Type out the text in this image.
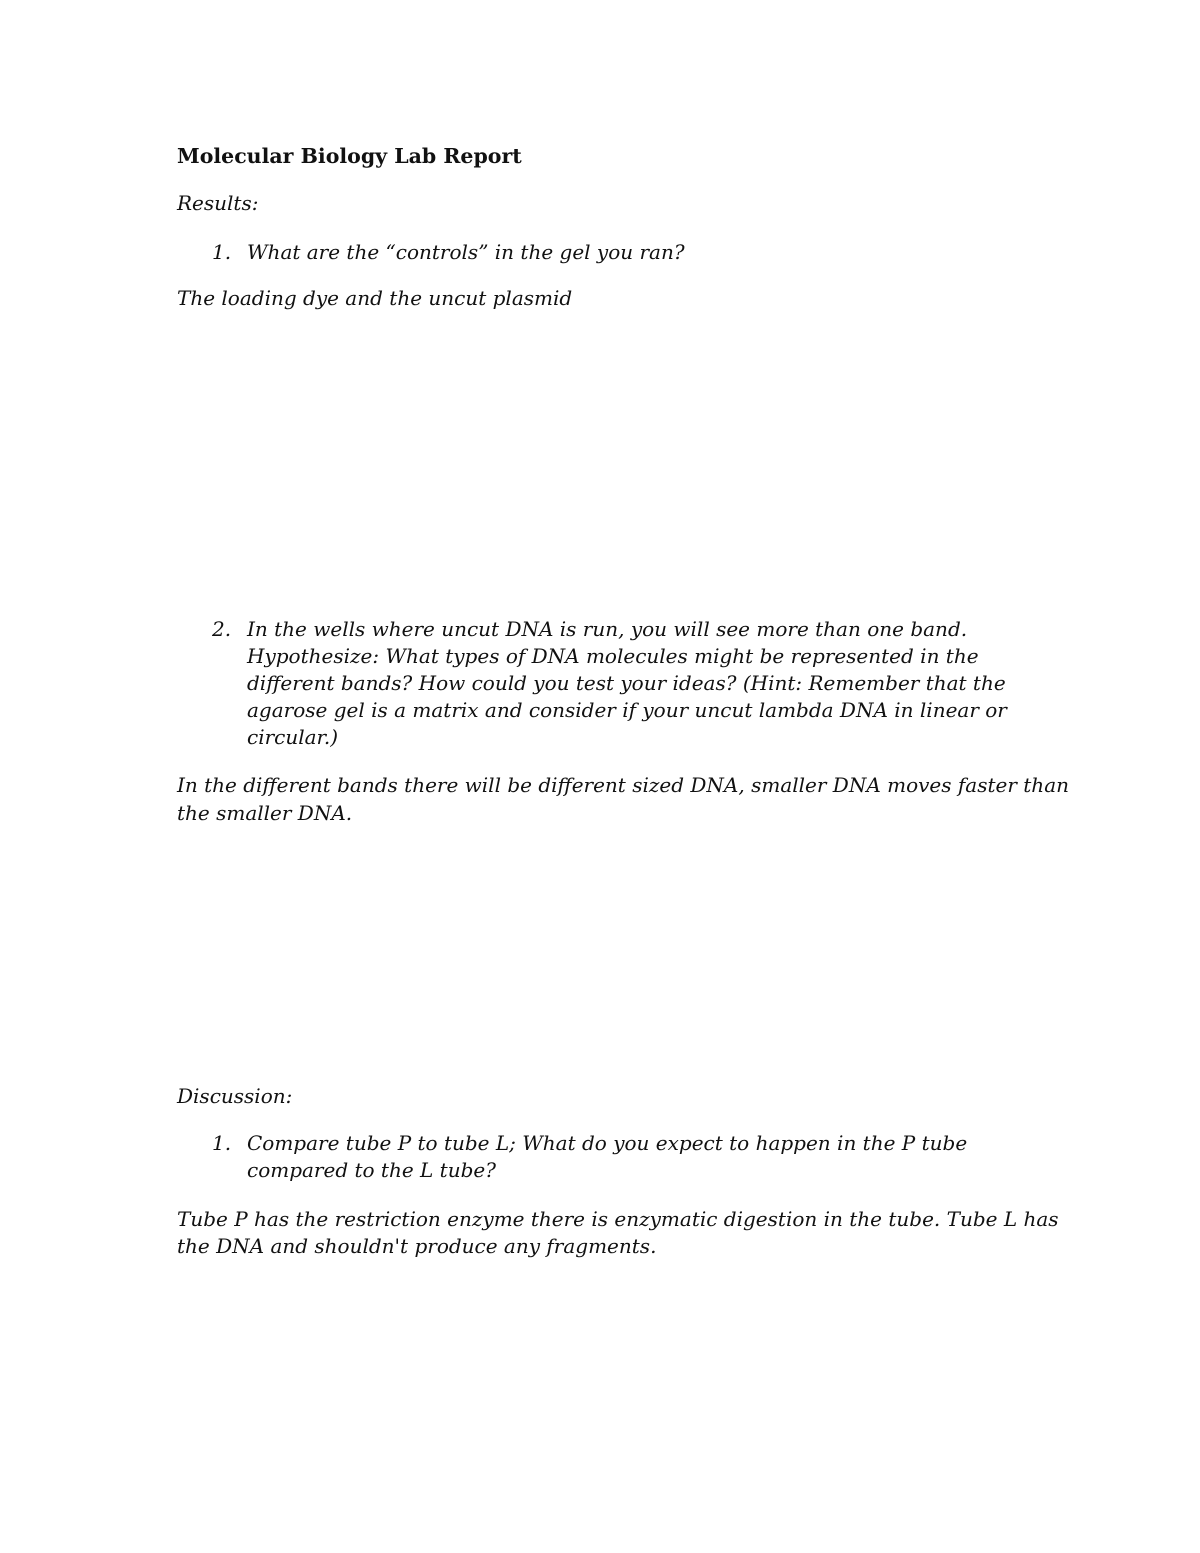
Molecular Biology Lab Report

Results:

1. What are the “controls” in the gel you ran?

The loading dye and the uncut plasmid

2. In the wells where uncut DNA is run, you will see more than one band.

Hypothesize: What types of DNA molecules might be represented in the

different bands? How could you test your ideas? (Hint: Remember that the

agarose gel is a matrix and consider if your uncut lambda DNA in linear or

circular.)

In the different bands there will be different sized DNA, smaller DNA moves faster than

the smaller DNA.

Discussion:

1. Compare tube P to tube L; What do you expect to happen in the P tube

compared to the L tube?

Tube P has the restriction enzyme there is enzymatic digestion in the tube. Tube L has

the DNA and shouldn't produce any fragments.
